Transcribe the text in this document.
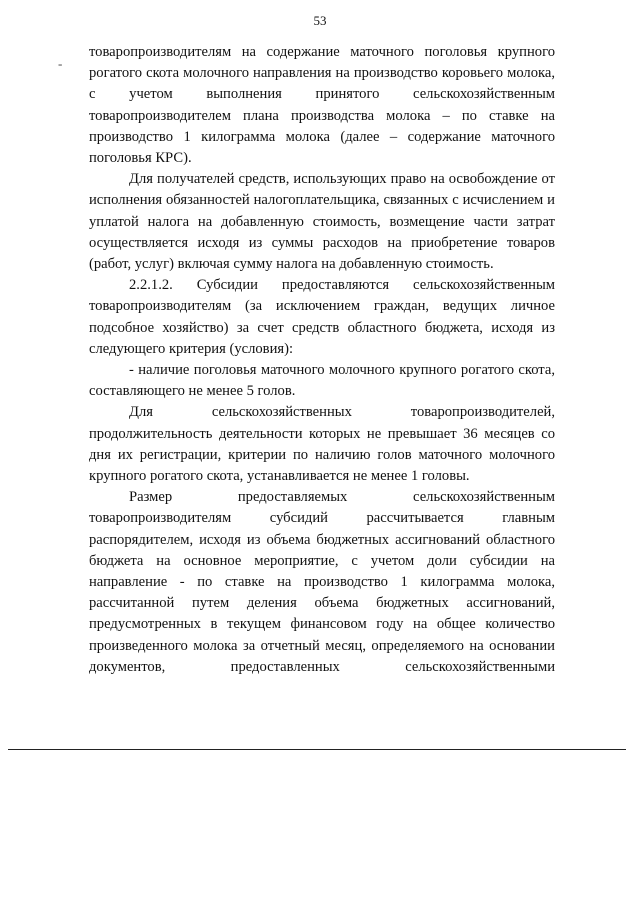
53
-

товаропроизводителям на содержание маточного поголовья крупного рогатого скота молочного направления на производство коровьего молока, с учетом выполнения принятого сельскохозяйственным товаропроизводителем плана производства молока – по ставке на производство 1 килограмма молока (далее – содержание маточного поголовья КРС).

Для получателей средств, использующих право на освобождение от исполнения обязанностей налогоплательщика, связанных с исчислением и уплатой налога на добавленную стоимость, возмещение части затрат осуществляется исходя из суммы расходов на приобретение товаров (работ, услуг) включая сумму налога на добавленную стоимость.

2.2.1.2. Субсидии предоставляются сельскохозяйственным товаропроизводителям (за исключением граждан, ведущих личное подсобное хозяйство) за счет средств областного бюджета, исходя из следующего критерия (условия):

- наличие поголовья маточного молочного крупного рогатого скота, составляющего не менее 5 голов.

Для сельскохозяйственных товаропроизводителей, продолжительность деятельности которых не превышает 36 месяцев со дня их регистрации, критерии по наличию голов маточного молочного крупного рогатого скота, устанавливается не менее 1 головы.

Размер предоставляемых сельскохозяйственным товаропроизводителям субсидий рассчитывается главным распорядителем, исходя из объема бюджетных ассигнований областного бюджета на основное мероприятие, с учетом доли субсидии на направление - по ставке на производство 1 килограмма молока, рассчитанной путем деления объема бюджетных ассигнований, предусмотренных в текущем финансовом году на общее количество произведенного молока за отчетный месяц, определяемого на основании документов, предоставленных сельскохозяйственными
